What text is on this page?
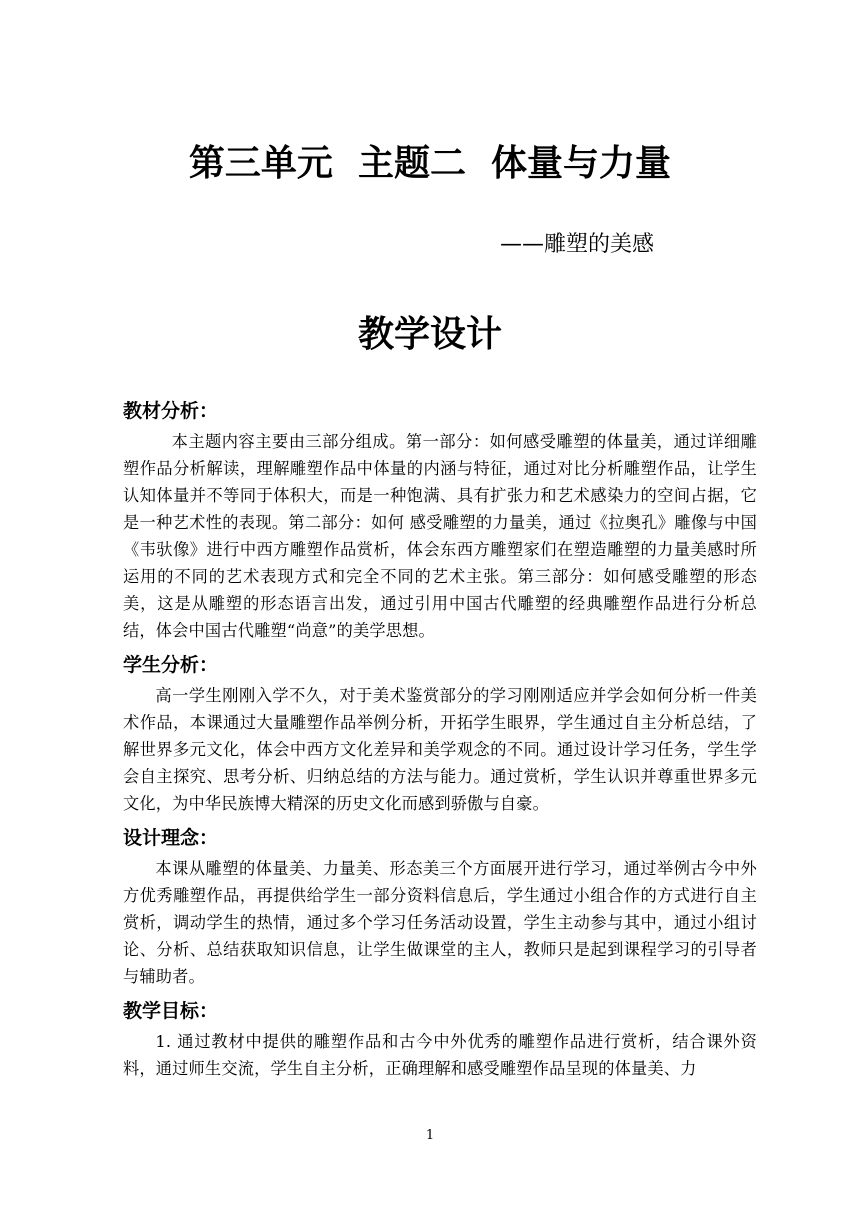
第三单元  主题二  体量与力量
——雕塑的美感
教学设计
教材分析：

本主题内容主要由三部分组成。第一部分：如何感受雕塑的体量美，通过详细雕塑作品分析解读，理解雕塑作品中体量的内涵与特征，通过对比分析雕塑作品，让学生认知体量并不等同于体积大，而是一种饱满、具有扩张力和艺术感染力的空间占据，它是一种艺术性的表现。第二部分：如何 感受雕塑的力量美，通过《拉奥孔》雕像与中国《韦驮像》进行中西方雕塑作品赏析，体会东西方雕塑家们在塑造雕塑的力量美感时所运用的不同的艺术表现方式和完全不同的艺术主张。第三部分：如何感受雕塑的形态美，这是从雕塑的形态语言出发，通过引用中国古代雕塑的经典雕塑作品进行分析总结，体会中国古代雕塑“尚意”的美学思想。

学生分析：

高一学生刚刚入学不久，对于美术鉴赏部分的学习刚刚适应并学会如何分析一件美术作品，本课通过大量雕塑作品举例分析，开拓学生眼界，学生通过自主分析总结，了解世界多元文化，体会中西方文化差异和美学观念的不同。通过设计学习任务，学生学会自主探究、思考分析、归纳总结的方法与能力。通过赏析，学生认识并尊重世界多元文化，为中华民族博大精深的历史文化而感到骄傲与自豪。

设计理念：

本课从雕塑的体量美、力量美、形态美三个方面展开进行学习，通过举例古今中外方优秀雕塑作品，再提供给学生一部分资料信息后，学生通过小组合作的方式进行自主赏析，调动学生的热情，通过多个学习任务活动设置，学生主动参与其中，通过小组讨论、分析、总结获取知识信息，让学生做课堂的主人，教师只是起到课程学习的引导者与辅助者。

教学目标：

1. 通过教材中提供的雕塑作品和古今中外优秀的雕塑作品进行赏析，结合课外资料，通过师生交流，学生自主分析，正确理解和感受雕塑作品呈现的体量美、力

1
